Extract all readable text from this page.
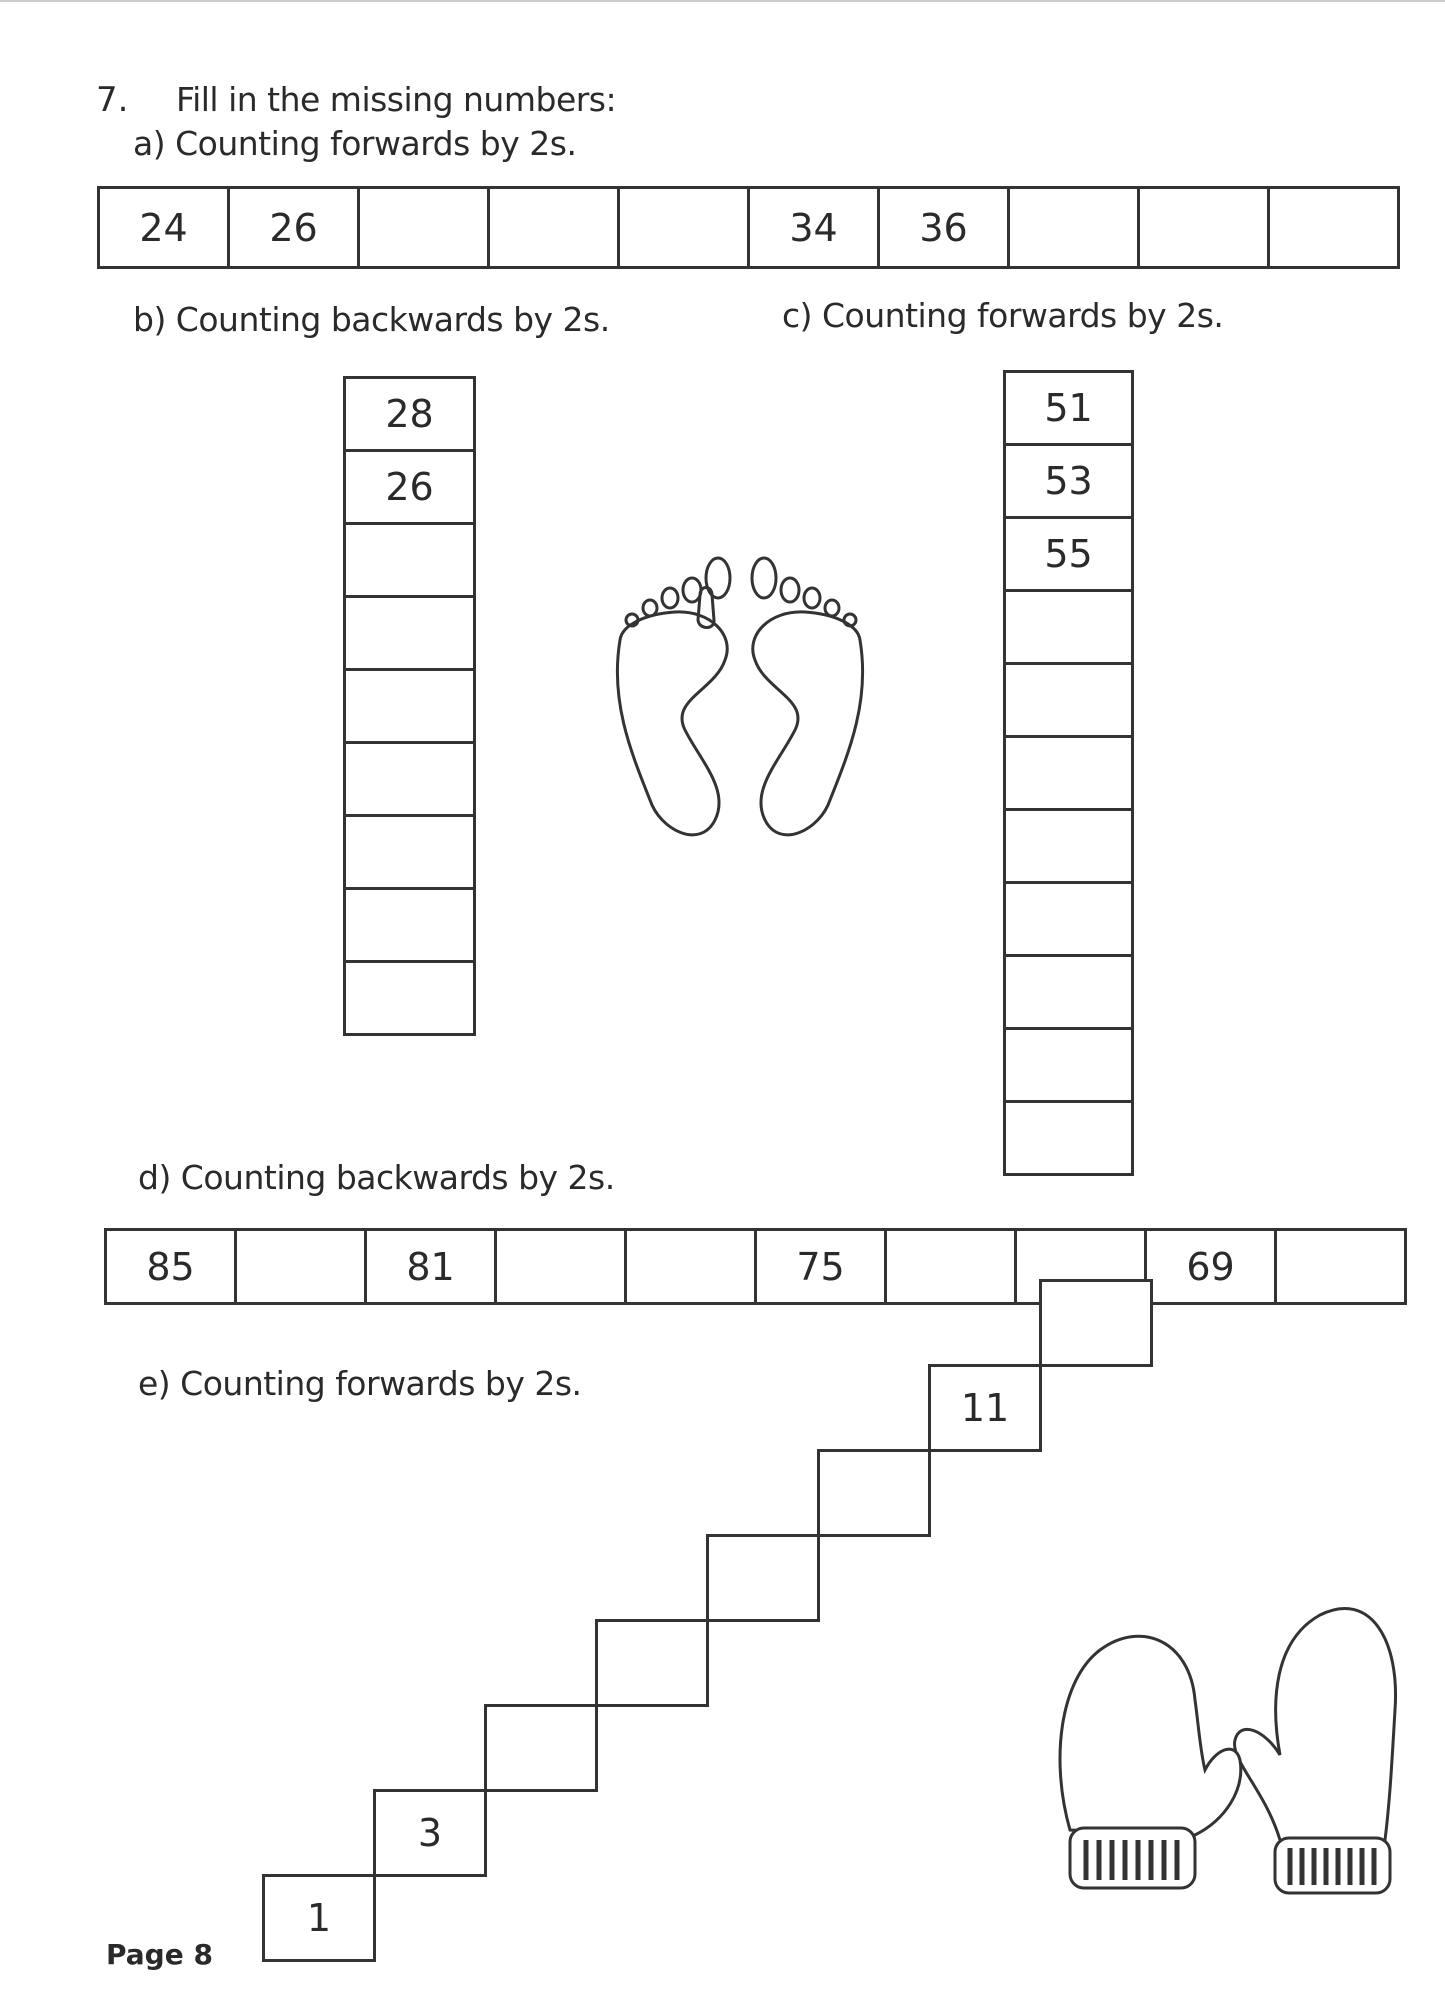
7. Fill in the missing numbers:
a) Counting forwards by 2s.
24	26	34	36
b) Counting backwards by 2s.
28
26
c) Counting forwards by 2s.
51
53
55
d) Counting backwards by 2s.
85	81	75	69
e) Counting forwards by 2s.
1
3
11
Page 8
